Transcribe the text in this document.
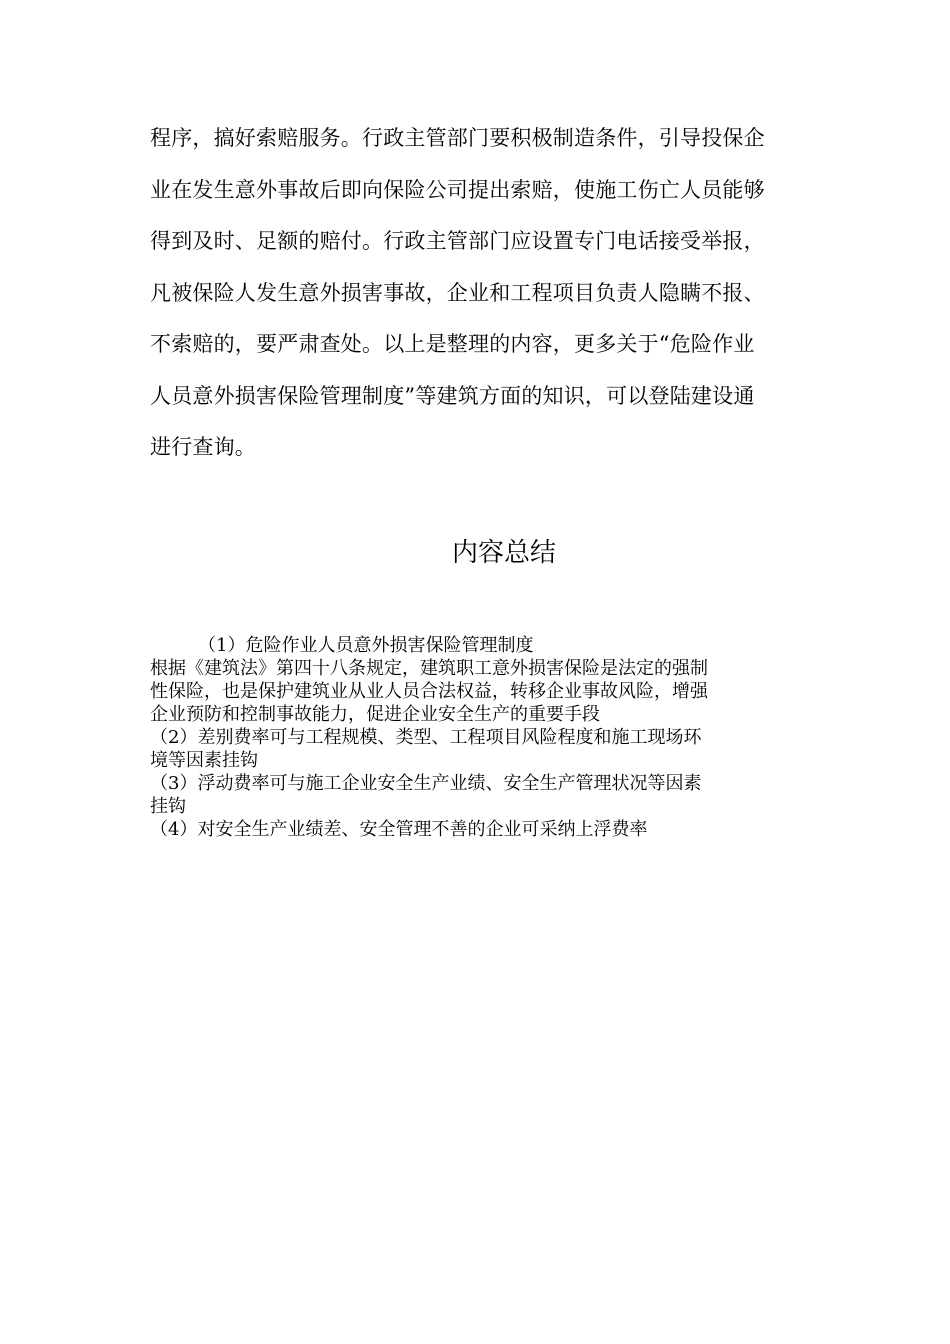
程序，搞好索赔服务。行政主管部门要积极制造条件，引导投保企
业在发生意外事故后即向保险公司提出索赔，使施工伤亡人员能够
得到及时、足额的赔付。行政主管部门应设置专门电话接受举报，
凡被保险人发生意外损害事故，企业和工程项目负责人隐瞒不报、
不索赔的，要严肃查处。以上是整理的内容，更多关于“危险作业
人员意外损害保险管理制度”等建筑方面的知识，可以登陆建设通
进行查询。
内容总结
（1）危险作业人员意外损害保险管理制度
根据《建筑法》第四十八条规定，建筑职工意外损害保险是法定的强制
性保险，也是保护建筑业从业人员合法权益，转移企业事故风险，增强
企业预防和控制事故能力，促进企业安全生产的重要手段
（2）差别费率可与工程规模、类型、工程项目风险程度和施工现场环
境等因素挂钩
（3）浮动费率可与施工企业安全生产业绩、安全生产管理状况等因素
挂钩
（4）对安全生产业绩差、安全管理不善的企业可采纳上浮费率
